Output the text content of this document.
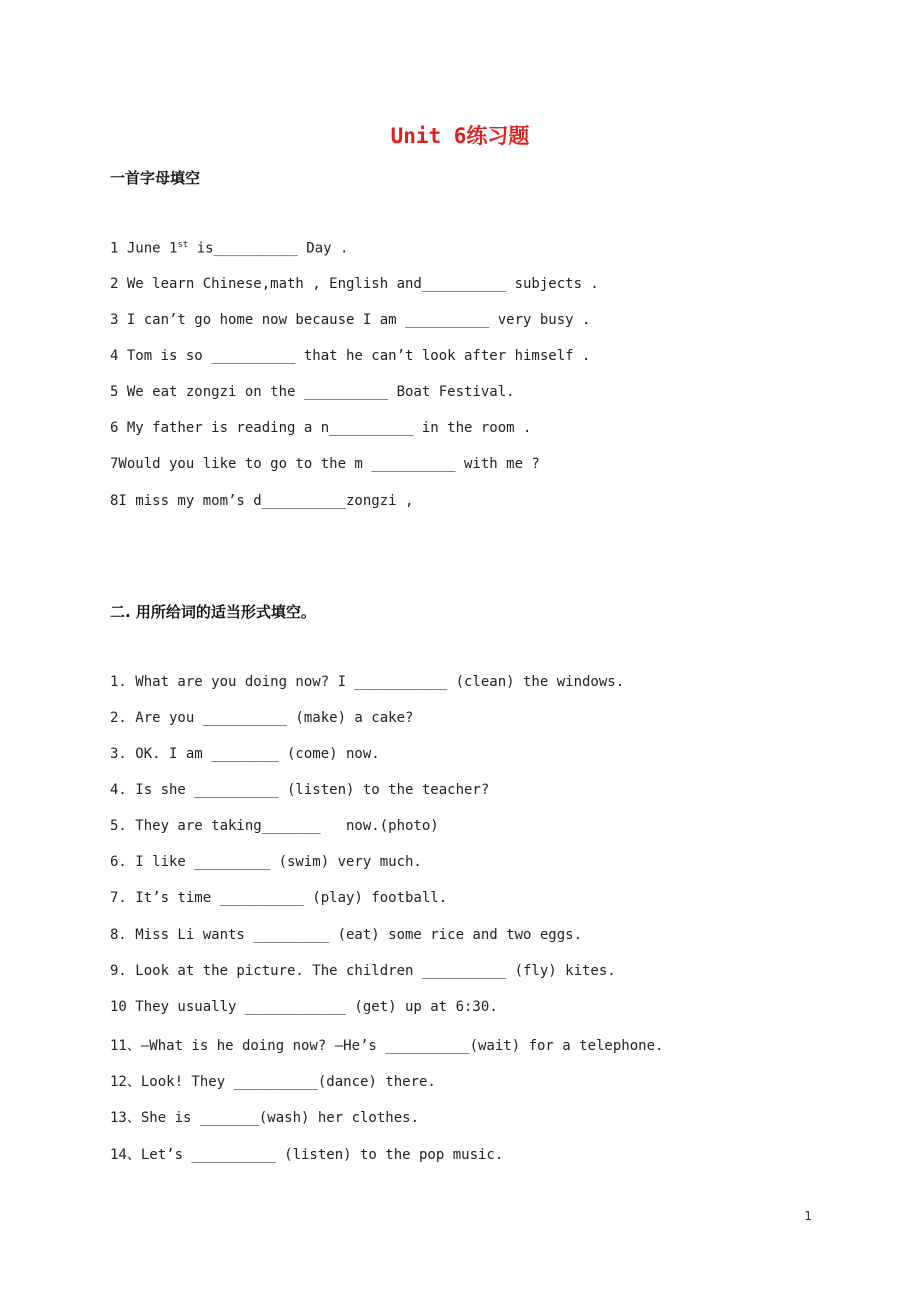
Unit 6练习题
一首字母填空
1 June 1st is__________ Day .
2 We learn Chinese,math , English and__________ subjects .
3 I can’t go home now because I am __________ very busy .
4 Tom is so __________ that he can’t look after himself .
5 We eat zongzi on the __________ Boat Festival.
6 My father is reading a n__________ in the room .
7Would you like to go to the m __________ with me ?
8I miss my mom’s d__________zongzi ,
二. 用所给词的适当形式填空。
1. What are you doing now? I ___________ (clean) the windows.
2. Are you __________ (make) a cake?
3. OK. I am ________ (come) now.
4. Is she __________ (listen) to the teacher?
5. They are taking_______   now.(photo)
6. I like _________ (swim) very much.
7. It’s time __________ (play) football.
8. Miss Li wants _________ (eat) some rice and two eggs.
9. Look at the picture. The children __________ (fly) kites.
10 They usually ____________ (get) up at 6:30.
11、—What is he doing now? —He’s __________(wait) for a telephone.
12、Look! They __________(dance) there.
13、She is _______(wash) her clothes.
14、Let’s __________ (listen) to the pop music.
1
